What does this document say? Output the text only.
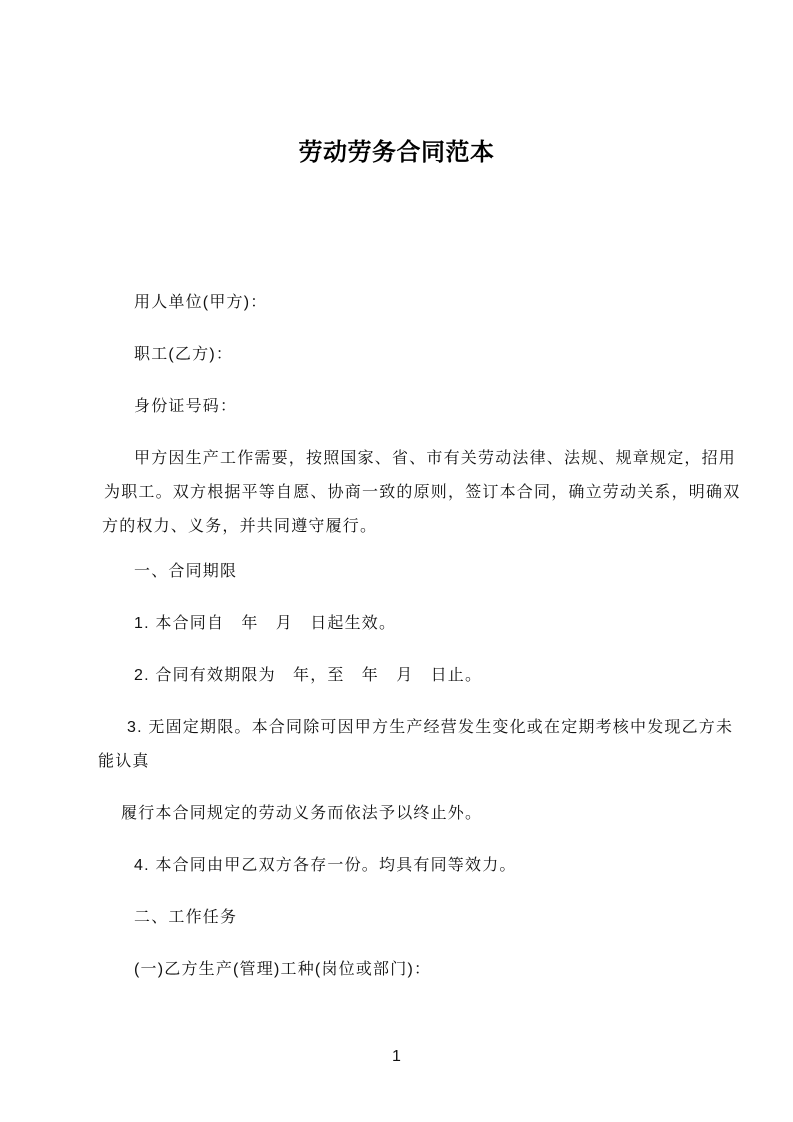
劳动劳务合同范本

用人单位(甲方)：

职工(乙方)：

身份证号码：

甲方因生产工作需要，按照国家、省、市有关劳动法律、法规、规章规定，招用

为职工。双方根据平等自愿、协商一致的原则，签订本合同，确立劳动关系，明确双

方的权力、义务，并共同遵守履行。

一、合同期限

1. 本合同自　年　月　日起生效。

2. 合同有效期限为　年，至　年　月　日止。

3. 无固定期限。本合同除可因甲方生产经营发生变化或在定期考核中发现乙方未

能认真

履行本合同规定的劳动义务而依法予以终止外。

4. 本合同由甲乙双方各存一份。均具有同等效力。

二、工作任务

(一)乙方生产(管理)工种(岗位或部门)：

1
